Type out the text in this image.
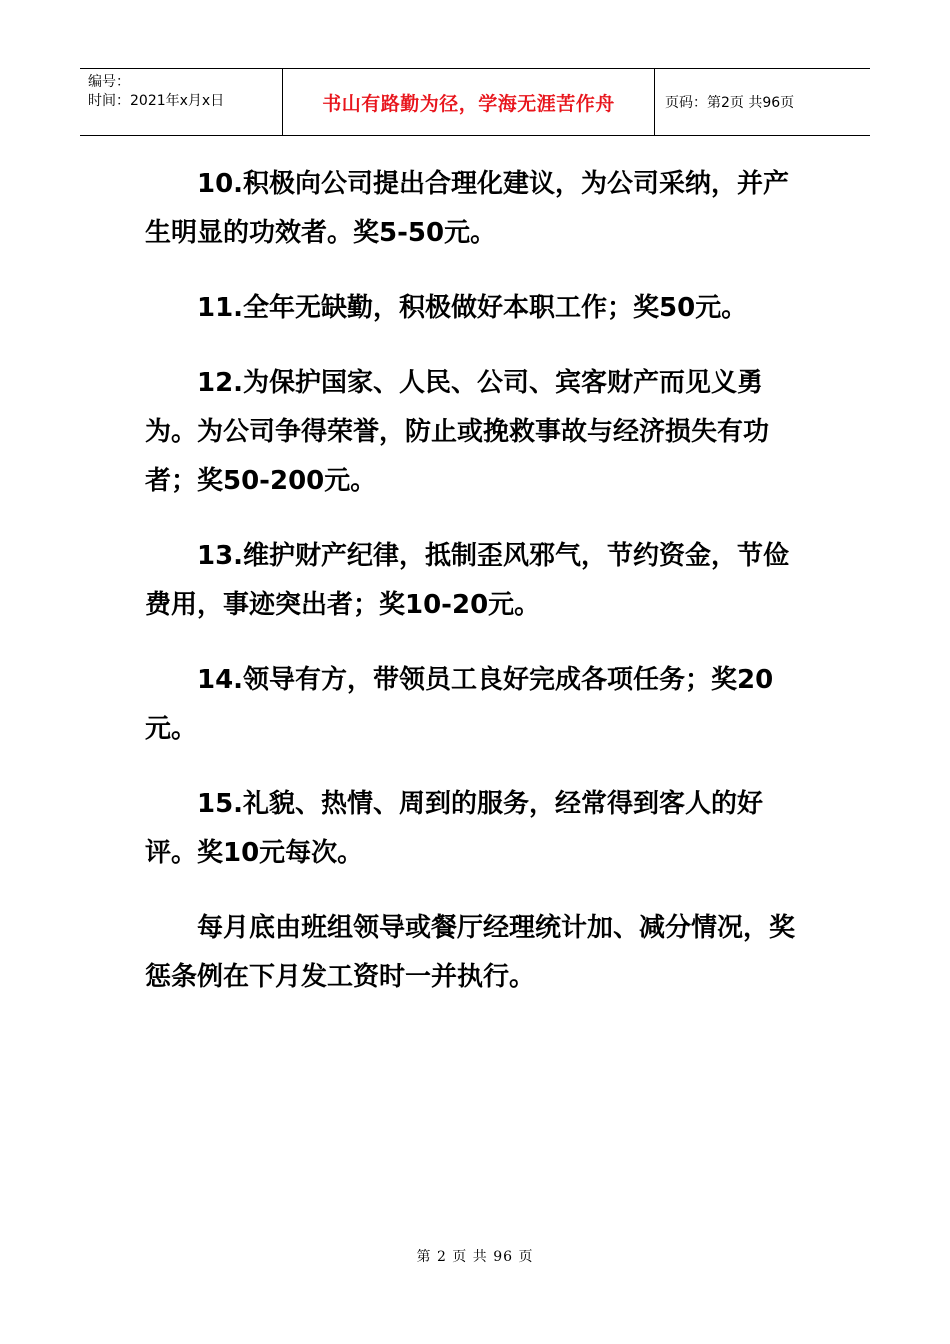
编号：
时间：2021年x月x日	书山有路勤为径，学海无涯苦作舟	页码：第2页 共96页

10.积极向公司提出合理化建议，为公司采纳，并产生明显的功效者。奖5-50元。

11.全年无缺勤，积极做好本职工作；奖50元。

12.为保护国家、人民、公司、宾客财产而见义勇为。为公司争得荣誉，防止或挽救事故与经济损失有功者；奖50-200元。

13.维护财产纪律，抵制歪风邪气，节约资金，节俭费用，事迹突出者；奖10-20元。

14.领导有方，带领员工良好完成各项任务；奖20元。

15.礼貌、热情、周到的服务，经常得到客人的好评。奖10元每次。

每月底由班组领导或餐厅经理统计加、减分情况，奖惩条例在下月发工资时一并执行。

第 2 页 共 96 页
